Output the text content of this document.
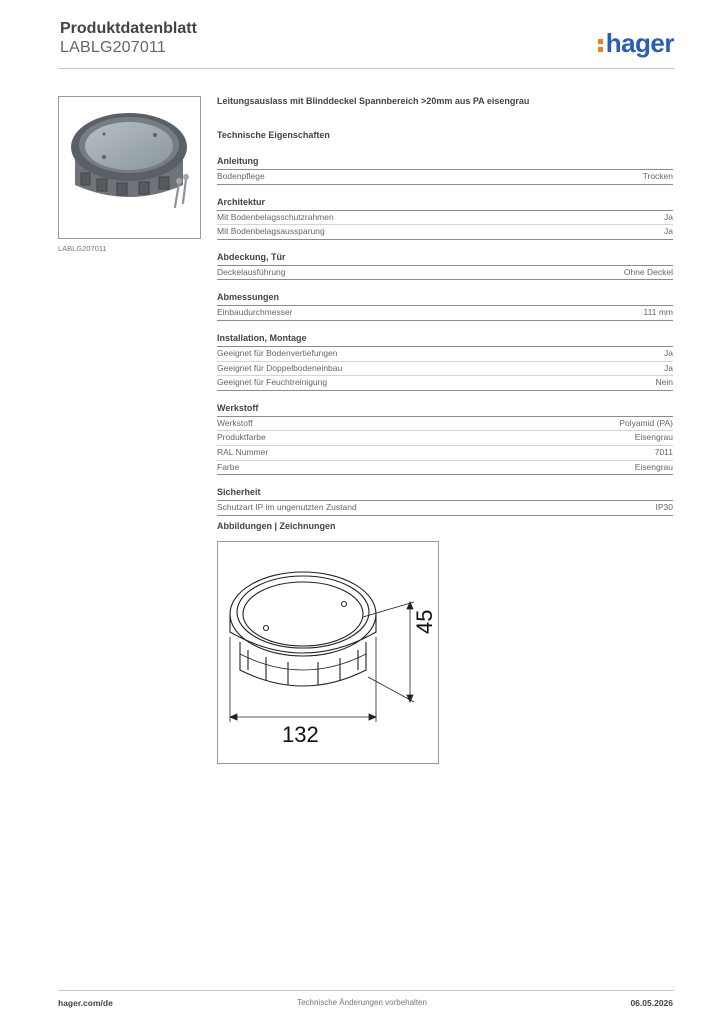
Produktdatenblatt
LABLG207011	hager
LABLG207011
Leitungsauslass mit Blinddeckel Spannbereich >20mm aus PA eisengrau
Technische Eigenschaften
Anleitung
Bodenpflege	Trocken
Architektur
Mit Bodenbelagsschutzrahmen	Ja
Mit Bodenbelagsaussparung	Ja
Abdeckung, Tür
Deckelausführung	Ohne Deckel
Abmessungen
Einbaudurchmesser	111 mm
Installation, Montage
Geeignet für Bodenvertiefungen	Ja
Geeignet für Doppelbodeneinbau	Ja
Geeignet für Feuchtreinigung	Nein
Werkstoff
Werkstoff	Polyamid (PA)
Produktfarbe	Eisengrau
RAL Nummer	7011
Farbe	Eisengrau
Sicherheit
Schutzart IP im ungenutzten Zustand	IP30
Abbildungen | Zeichnungen
132
45
hager.com/de	Technische Änderungen vorbehalten	06.05.2026
